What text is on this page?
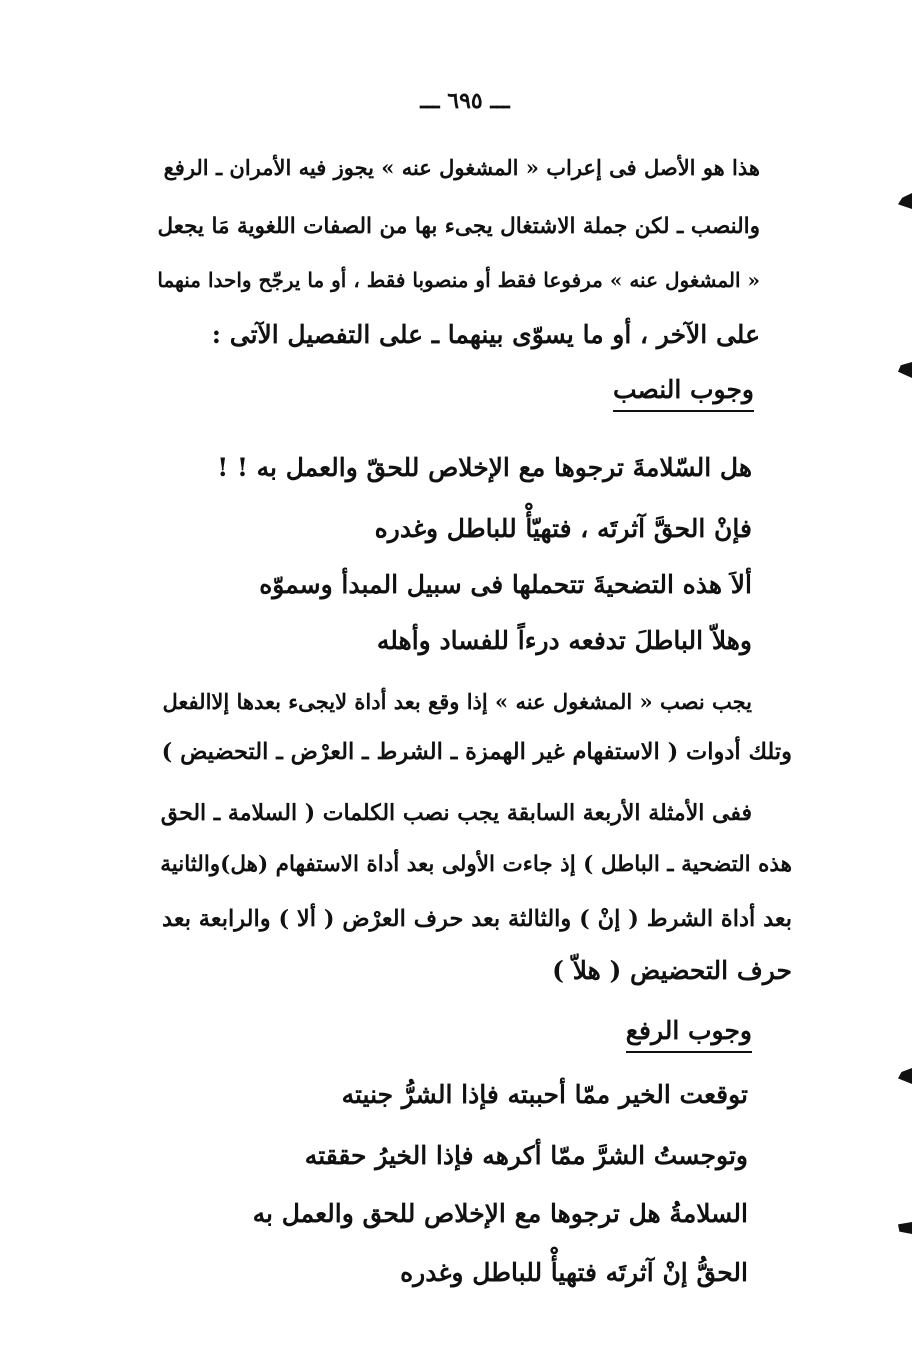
ـــ ٦٩٥ ـــ
هذا هو الأصل فى إعراب « المشغول عنه » يجوز فيه الأمران ـ الرفع
والنصب ـ لكن جملة الاشتغال يجىء بها من الصفات اللغوية مَا يجعل
« المشغول عنه » مرفوعا فقط أو منصوبا فقط ، أو ما يرجّح واحدا منهما
على الآخر ، أو ما يسوّى بينهما ـ على التفصيل الآتى :
وجوب النصب
هل السّلامةَ ترجوها مع الإخلاص للحقّ والعمل به ! !
فإنْ الحقَّ آثرتَه ، فتهيّأْ للباطل وغدره
ألاَ هذه التضحيةَ تتحملها فى سبيل المبدأ وسموّه
وهلاّ الباطلَ تدفعه درءاً للفساد وأهله
يجب نصب « المشغول عنه » إذا وقع بعد أداة لايجىء بعدها إلاالفعل
وتلك أدوات ( الاستفهام غير الهمزة ـ الشرط ـ العرْض ـ التحضيض )
ففى الأمثلة الأربعة السابقة يجب نصب الكلمات ( السلامة ـ الحق
هذه التضحية ـ الباطل ) إذ جاءت الأولى بعد أداة الاستفهام (هل)والثانية
بعد أداة الشرط ( إنْ ) والثالثة بعد حرف العرْض ( ألا ) والرابعة بعد
حرف التحضيض ( هلاّ )
وجوب الرفع
توقعت الخير ممّا أحببته فإذا الشرُّ جنيته
وتوجستُ الشرَّ ممّا أكرهه فإذا الخيرُ حققته
السلامةُ هل ترجوها مع الإخلاص للحق والعمل به
الحقُّ إنْ آثرتَه فتهيأْ للباطل وغدره
